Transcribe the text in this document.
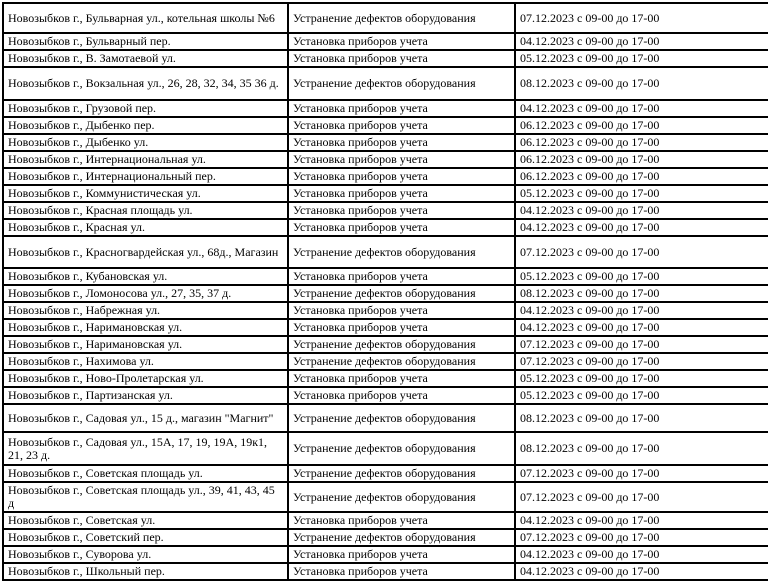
Новозыбков г., Бульварная ул., котельная школы №6	Устранение дефектов оборудования	07.12.2023 с 09-00 до 17-00
Новозыбков г., Бульварный пер.	Установка приборов учета	04.12.2023 с 09-00 до 17-00
Новозыбков г., В. Замотаевой ул.	Установка приборов учета	05.12.2023 с 09-00 до 17-00
Новозыбков г., Вокзальная ул., 26, 28, 32, 34, 35 36 д.	Устранение дефектов оборудования	08.12.2023 с 09-00 до 17-00
Новозыбков г., Грузовой пер.	Установка приборов учета	04.12.2023 с 09-00 до 17-00
Новозыбков г., Дыбенко пер.	Установка приборов учета	06.12.2023 с 09-00 до 17-00
Новозыбков г., Дыбенко ул.	Установка приборов учета	06.12.2023 с 09-00 до 17-00
Новозыбков г., Интернациональная ул.	Установка приборов учета	06.12.2023 с 09-00 до 17-00
Новозыбков г., Интернациональный пер.	Установка приборов учета	06.12.2023 с 09-00 до 17-00
Новозыбков г., Коммунистическая ул.	Установка приборов учета	05.12.2023 с 09-00 до 17-00
Новозыбков г., Красная площадь ул.	Установка приборов учета	04.12.2023 с 09-00 до 17-00
Новозыбков г., Красная ул.	Установка приборов учета	04.12.2023 с 09-00 до 17-00
Новозыбков г., Красногвардейская ул., 68д., Магазин	Устранение дефектов оборудования	07.12.2023 с 09-00 до 17-00
Новозыбков г., Кубановская ул.	Установка приборов учета	05.12.2023 с 09-00 до 17-00
Новозыбков г., Ломоносова ул., 27, 35, 37 д.	Устранение дефектов оборудования	08.12.2023 с 09-00 до 17-00
Новозыбков г., Набрежная ул.	Установка приборов учета	04.12.2023 с 09-00 до 17-00
Новозыбков г., Наримановская ул.	Установка приборов учета	04.12.2023 с 09-00 до 17-00
Новозыбков г., Наримановская ул.	Устранение дефектов оборудования	07.12.2023 с 09-00 до 17-00
Новозыбков г., Нахимова ул.	Устранение дефектов оборудования	07.12.2023 с 09-00 до 17-00
Новозыбков г., Ново-Пролетарская ул.	Установка приборов учета	05.12.2023 с 09-00 до 17-00
Новозыбков г., Партизанская ул.	Установка приборов учета	05.12.2023 с 09-00 до 17-00
Новозыбков г., Садовая ул., 15 д., магазин "Магнит"	Устранение дефектов оборудования	08.12.2023 с 09-00 до 17-00
Новозыбков г., Садовая ул., 15А, 17, 19, 19А, 19к1, 21, 23 д.	Устранение дефектов оборудования	08.12.2023 с 09-00 до 17-00
Новозыбков г., Советская площадь ул.	Устранение дефектов оборудования	07.12.2023 с 09-00 до 17-00
Новозыбков г., Советская площадь ул., 39, 41, 43, 45 д	Устранение дефектов оборудования	07.12.2023 с 09-00 до 17-00
Новозыбков г., Советская ул.	Установка приборов учета	04.12.2023 с 09-00 до 17-00
Новозыбков г., Советский пер.	Устранение дефектов оборудования	07.12.2023 с 09-00 до 17-00
Новозыбков г., Суворова ул.	Установка приборов учета	04.12.2023 с 09-00 до 17-00
Новозыбков г., Школьный пер.	Установка приборов учета	04.12.2023 с 09-00 до 17-00
